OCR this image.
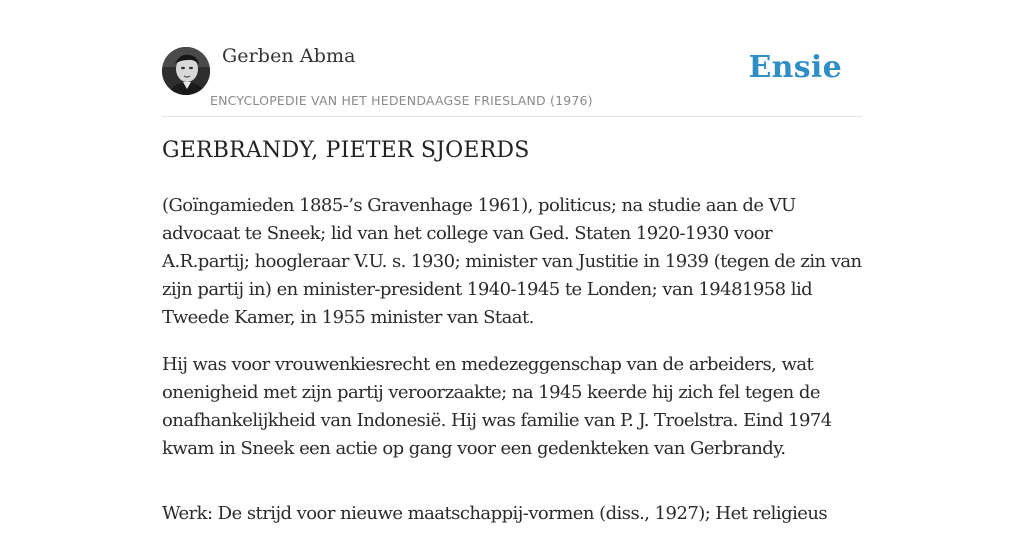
Gerben Abma
ENCYCLOPEDIE VAN HET HEDENDAAGSE FRIESLAND (1976)
Ensie
GERBRANDY, PIETER SJOERDS

(Goïngamieden 1885-’s Gravenhage 1961), politicus; na studie aan de VU advocaat te Sneek; lid van het college van Ged. Staten 1920-1930 voor A.R.partij; hoogleraar V.U. s. 1930; minister van Justitie in 1939 (tegen de zin van zijn partij in) en minister-president 1940-1945 te Londen; van 19481958 lid Tweede Kamer, in 1955 minister van Staat.

Hij was voor vrouwenkiesrecht en medezeggenschap van de arbeiders, wat onenigheid met zijn partij veroorzaakte; na 1945 keerde hij zich fel tegen de onafhankelijkheid van Indonesië. Hij was familie van P. J. Troelstra. Eind 1974 kwam in Sneek een actie op gang voor een gedenkteken van Gerbrandy.

Werk: De strijd voor nieuwe maatschappij-vormen (diss., 1927); Het religieus
